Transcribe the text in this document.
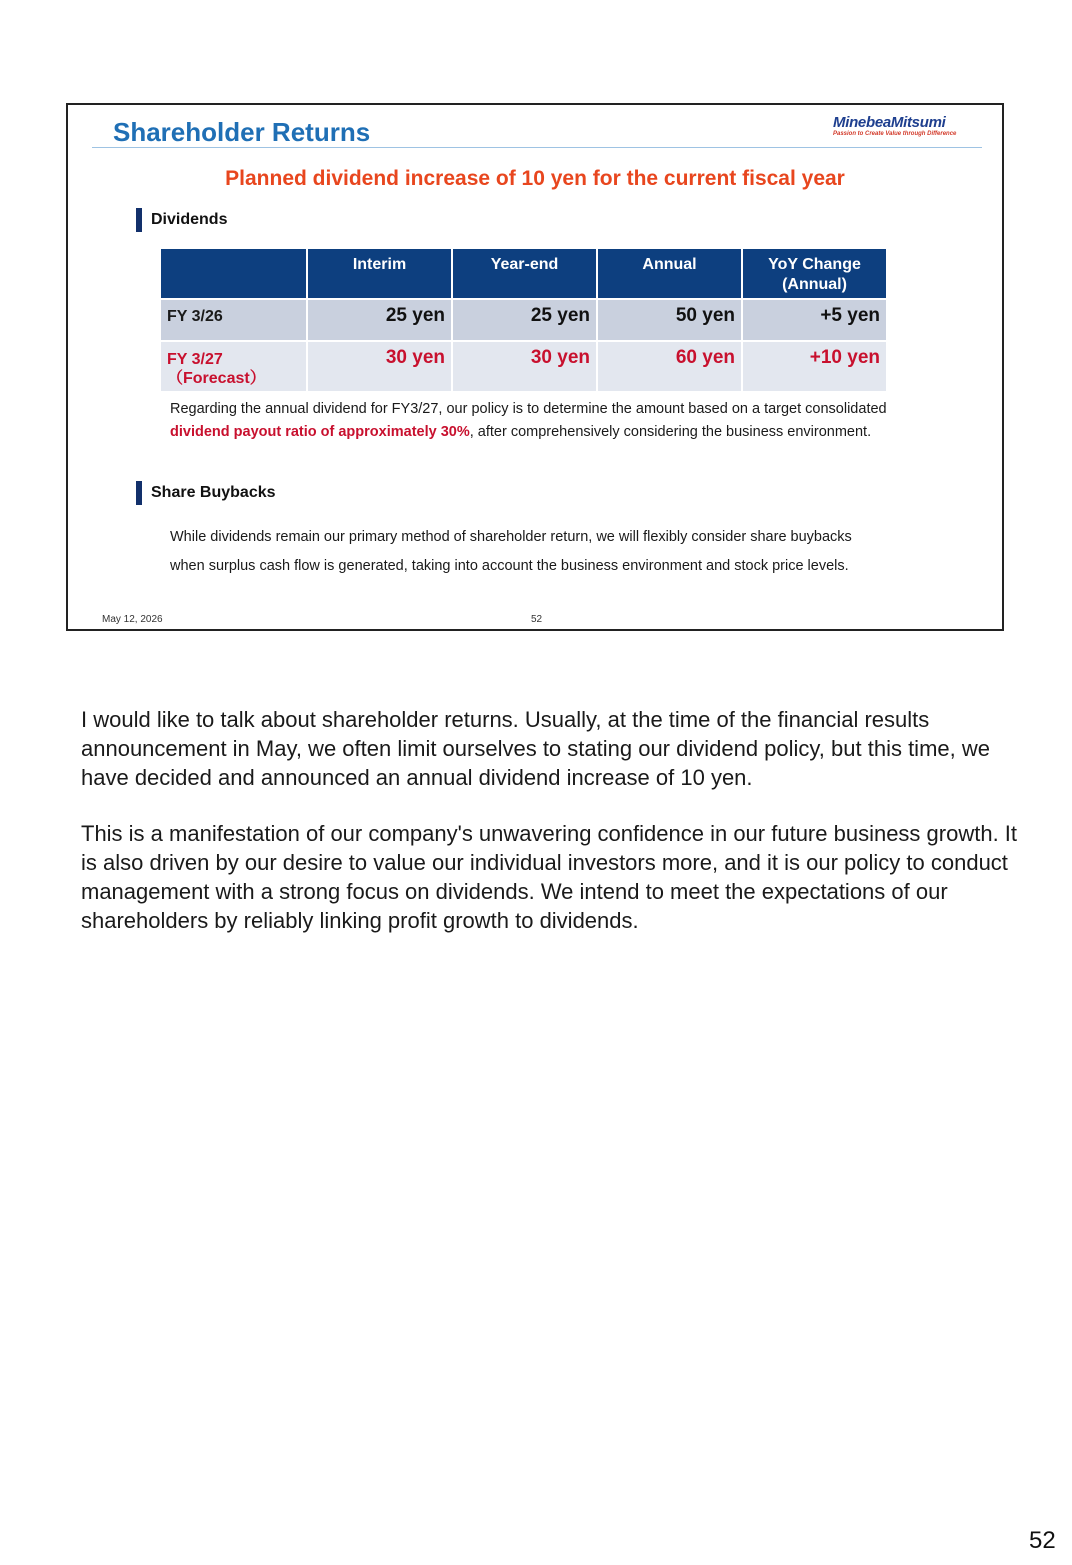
Shareholder Returns	MinebeaMitsumi
Passion to Create Value through Difference
Planned dividend increase of 10 yen for the current fiscal year
Dividends
	Interim	Year-end	Annual	YoY Change
(Annual)
FY 3/26	25 yen	25 yen	50 yen	+5 yen
FY 3/27
（Forecast）	30 yen	30 yen	60 yen	+10 yen
Regarding the annual dividend for FY3/27, our policy is to determine the amount based on a target consolidated
dividend payout ratio of approximately 30%, after comprehensively considering the business environment.
Share Buybacks
While dividends remain our primary method of shareholder return, we will flexibly consider share buybacks
when surplus cash flow is generated, taking into account the business environment and stock price levels.
May 12, 2026	52

I would like to talk about shareholder returns. Usually, at the time of the financial results announcement in May, we often limit ourselves to stating our dividend policy, but this time, we have decided and announced an annual dividend increase of 10 yen.

This is a manifestation of our company's unwavering confidence in our future business growth. It is also driven by our desire to value our individual investors more, and it is our policy to conduct management with a strong focus on dividends. We intend to meet the expectations of our shareholders by reliably linking profit growth to dividends.

52
